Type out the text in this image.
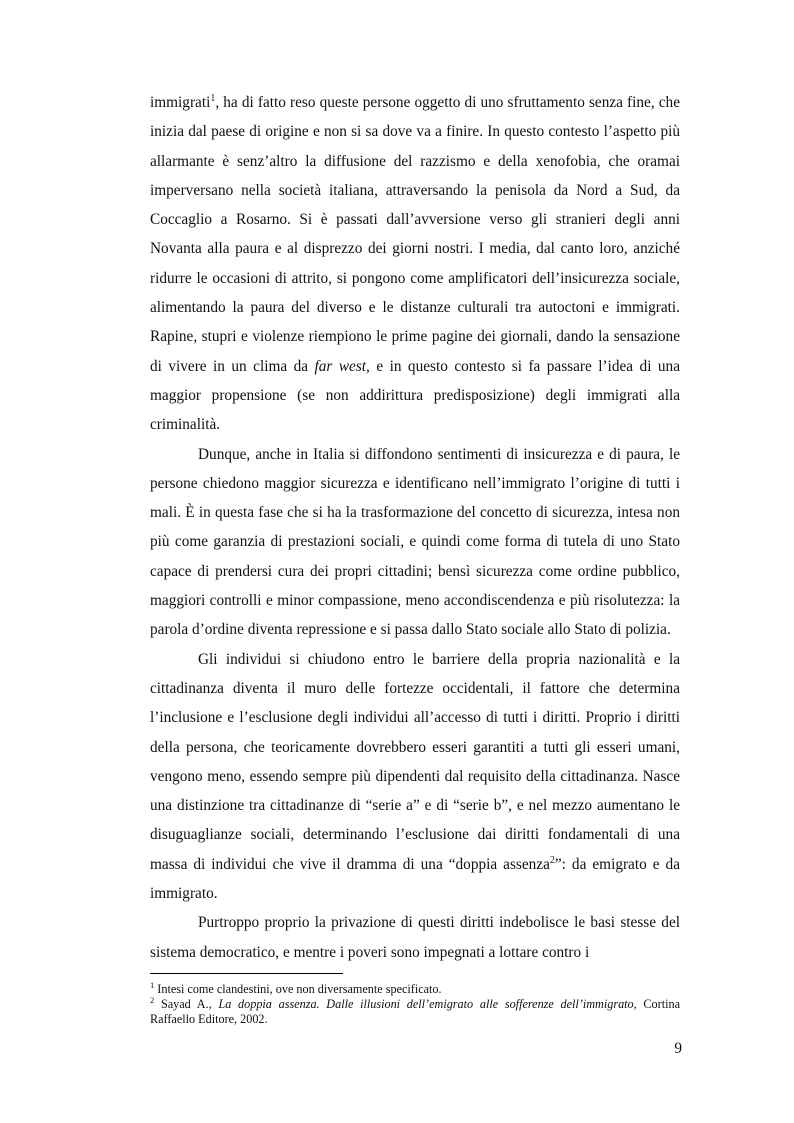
immigrati$^1$, ha di fatto reso queste persone oggetto di uno sfruttamento senza fine, che inizia dal paese di origine e non si sa dove va a finire. In questo contesto l’aspetto più allarmante è senz’altro la diffusione del razzismo e della xenofobia, che oramai imperversano nella società italiana, attraversando la penisola da Nord a Sud, da Coccaglio a Rosarno. Si è passati dall’avversione verso gli stranieri degli anni Novanta alla paura e al disprezzo dei giorni nostri. I media, dal canto loro, anziché ridurre le occasioni di attrito, si pongono come amplificatori dell’insicurezza sociale, alimentando la paura del diverso e le distanze culturali tra autoctoni e immigrati. Rapine, stupri e violenze riempiono le prime pagine dei giornali, dando la sensazione di vivere in un clima da far west, e in questo contesto si fa passare l’idea di una maggior propensione (se non addirittura predisposizione) degli immigrati alla criminalità.

Dunque, anche in Italia si diffondono sentimenti di insicurezza e di paura, le persone chiedono maggior sicurezza e identificano nell’immigrato l’origine di tutti i mali. È in questa fase che si ha la trasformazione del concetto di sicurezza, intesa non più come garanzia di prestazioni sociali, e quindi come forma di tutela di uno Stato capace di prendersi cura dei propri cittadini; bensì sicurezza come ordine pubblico, maggiori controlli e minor compassione, meno accondiscendenza e più risolutezza: la parola d’ordine diventa repressione e si passa dallo Stato sociale allo Stato di polizia.

Gli individui si chiudono entro le barriere della propria nazionalità e la cittadinanza diventa il muro delle fortezze occidentali, il fattore che determina l’inclusione e l’esclusione degli individui all’accesso di tutti i diritti. Proprio i diritti della persona, che teoricamente dovrebbero esseri garantiti a tutti gli esseri umani, vengono meno, essendo sempre più dipendenti dal requisito della cittadinanza. Nasce una distinzione tra cittadinanze di “serie a” e di “serie b”, e nel mezzo aumentano le disuguaglianze sociali, determinando l’esclusione dai diritti fondamentali di una massa di individui che vive il dramma di una “doppia assenza$^2$”: da emigrato e da immigrato.

Purtroppo proprio la privazione di questi diritti indebolisce le basi stesse del sistema democratico, e mentre i poveri sono impegnati a lottare contro i

$^1$ Intesi come clandestini, ove non diversamente specificato.

$^2$ Sayad A., La doppia assenza. Dalle illusioni dell’emigrato alle sofferenze dell’immigrato, Cortina Raffaello Editore, 2002.

9
